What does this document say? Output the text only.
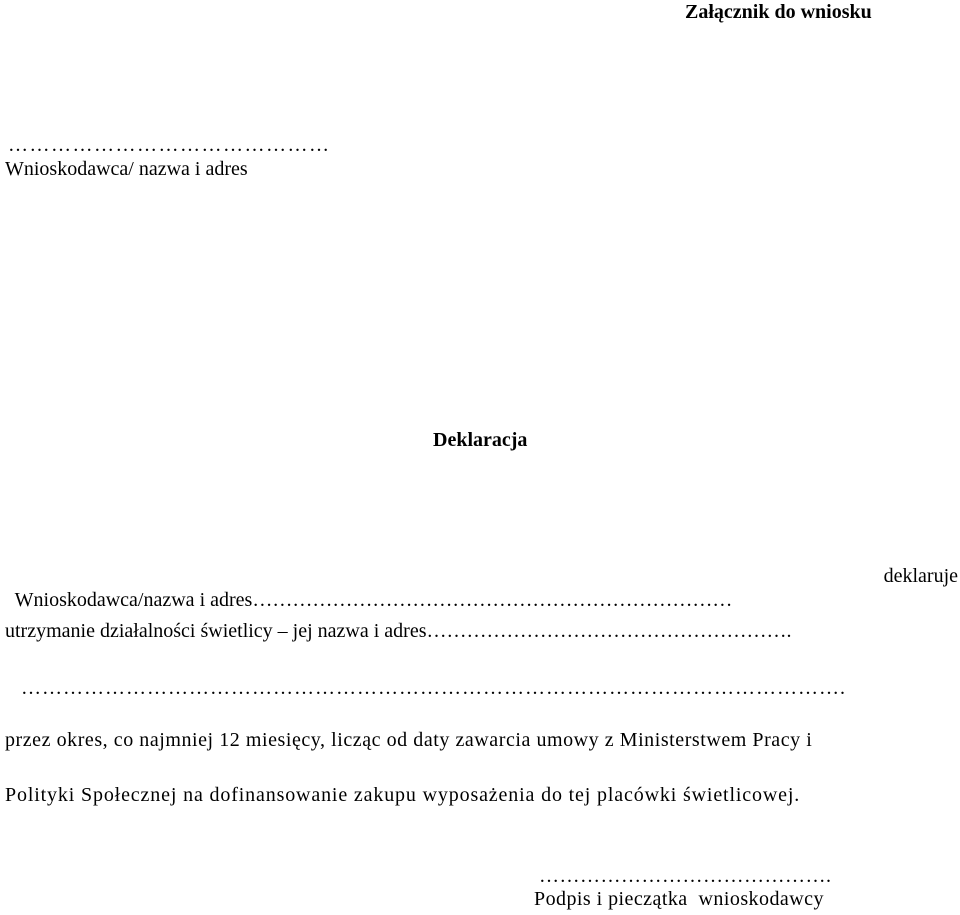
Załącznik do wniosku
………………………………………
Wnioskodawca/ nazwa i adres
Deklaracja

Wnioskodawca/nazwa i adres………………………………………………………………

deklaruje

utrzymanie działalności świetlicy – jej nazwa i adres……………………………………………….
……………………………………………………………………………………………………….
przez okres, co najmniej 12 miesięcy, licząc od daty zawarcia umowy z Ministerstwem Pracy i
Polityki Społecznej na dofinansowanie zakupu wyposażenia do tej placówki świetlicowej.
…………………………………….
Podpis i pieczątka  wnioskodawcy
